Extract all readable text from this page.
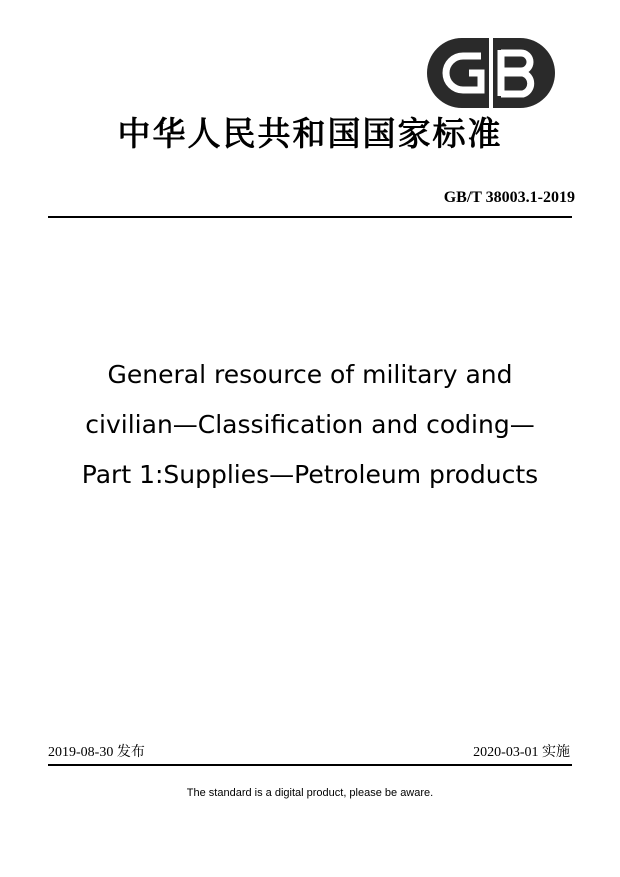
中华人民共和国国家标准
GB/T 38003.1-2019
General resource of military and
civilian—Classification and coding—
Part 1:Supplies—Petroleum products
2019-08-30 发布	2020-03-01 实施
The standard is a digital product, please be aware.
